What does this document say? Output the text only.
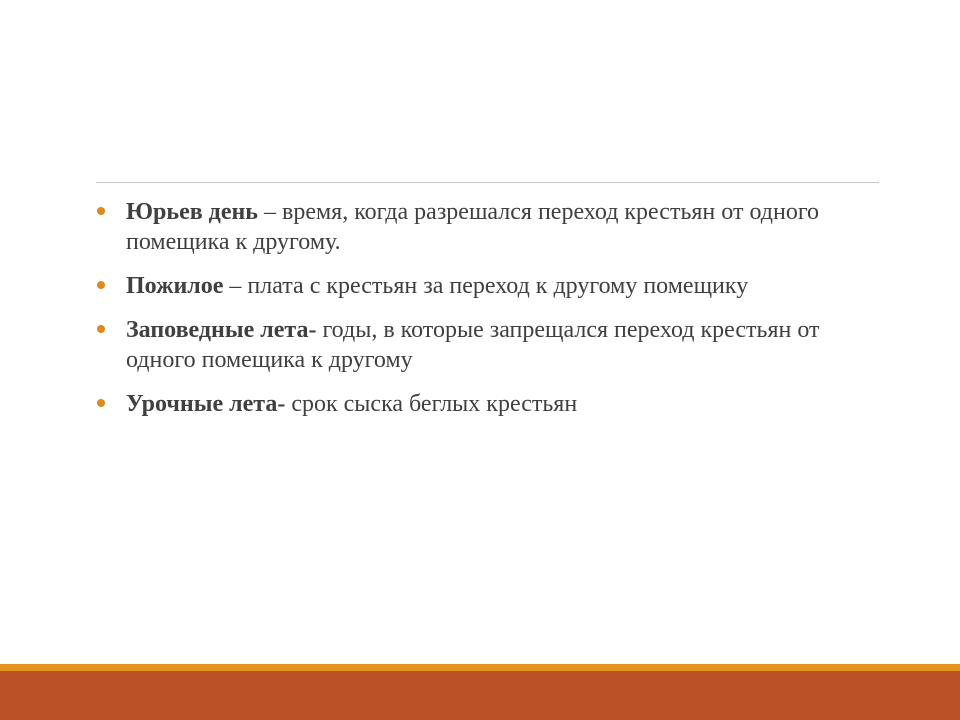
Юрьев день – время, когда разрешался переход крестьян от одного помещика к другому.
Пожилое – плата с крестьян за переход к другому помещику
Заповедные лета- годы, в которые запрещался переход крестьян от одного помещика к другому
Урочные лета- срок сыска беглых крестьян
